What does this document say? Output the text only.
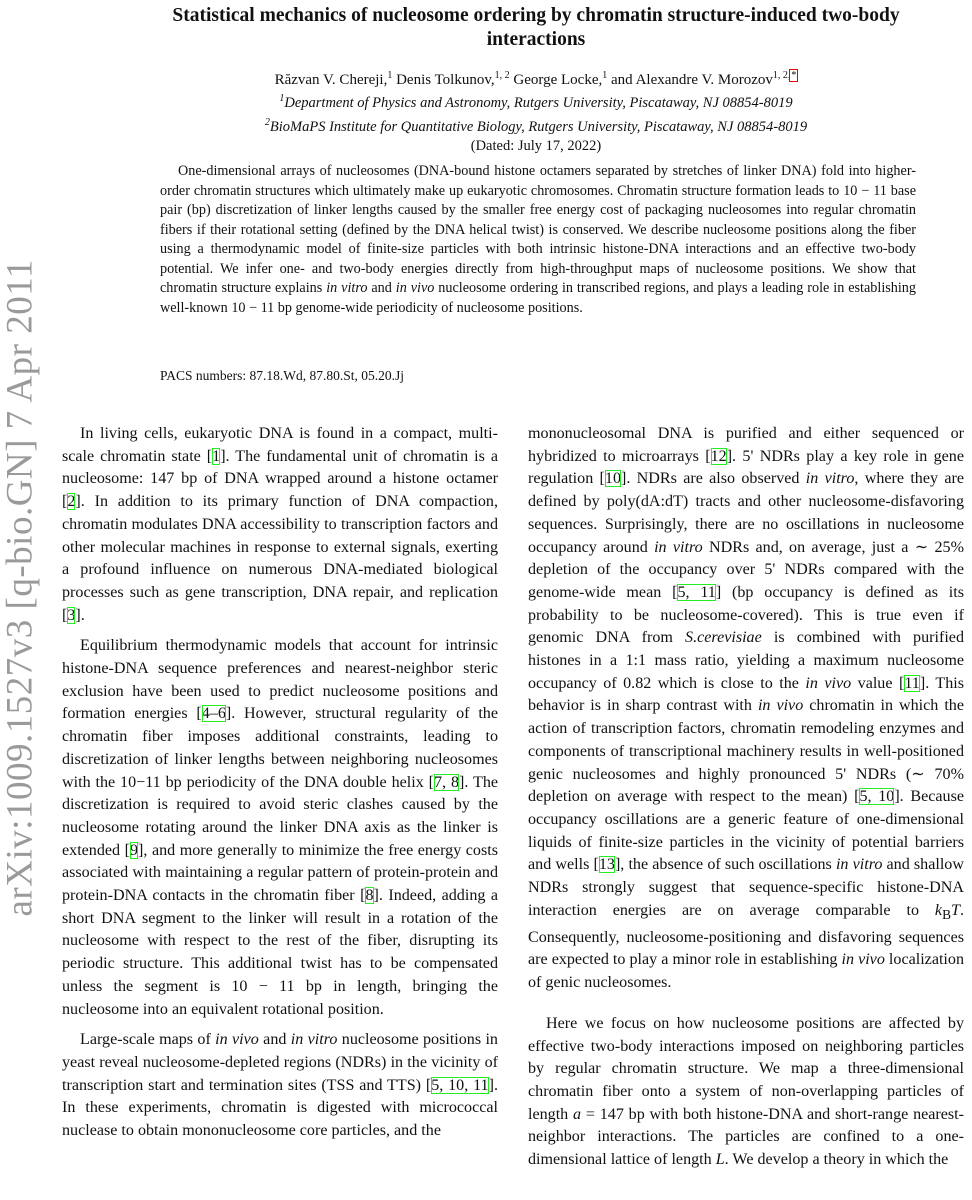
arXiv:1009.1527v3 [q-bio.GN] 7 Apr 2011
Statistical mechanics of nucleosome ordering by chromatin structure-induced two-body interactions
Răzvan V. Chereji,$^1$ Denis Tolkunov,$^{1, 2}$ George Locke,$^1$ and Alexandre V. Morozov$^{1, 2,*}$
$^1$Department of Physics and Astronomy, Rutgers University, Piscataway, NJ 08854-8019
$^2$BioMaPS Institute for Quantitative Biology, Rutgers University, Piscataway, NJ 08854-8019
(Dated: July 17, 2022)
One-dimensional arrays of nucleosomes (DNA-bound histone octamers separated by stretches of linker DNA) fold into higher-order chromatin structures which ultimately make up eukaryotic chromosomes. Chromatin structure formation leads to 10 − 11 base pair (bp) discretization of linker lengths caused by the smaller free energy cost of packaging nucleosomes into regular chromatin fibers if their rotational setting (defined by the DNA helical twist) is conserved. We describe nucleosome positions along the fiber using a thermodynamic model of finite-size particles with both intrinsic histone-DNA interactions and an effective two-body potential. We infer one- and two-body energies directly from high-throughput maps of nucleosome positions. We show that chromatin structure explains in vitro and in vivo nucleosome ordering in transcribed regions, and plays a leading role in establishing well-known 10 − 11 bp genome-wide periodicity of nucleosome positions.
PACS numbers: 87.18.Wd, 87.80.St, 05.20.Jj

In living cells, eukaryotic DNA is found in a compact, multi-scale chromatin state [1]. The fundamental unit of chromatin is a nucleosome: 147 bp of DNA wrapped around a histone octamer [2]. In addition to its primary function of DNA compaction, chromatin modulates DNA accessibility to transcription factors and other molecular machines in response to external signals, exerting a profound influence on numerous DNA-mediated biological processes such as gene transcription, DNA repair, and replication [3].

Equilibrium thermodynamic models that account for intrinsic histone-DNA sequence preferences and nearest-neighbor steric exclusion have been used to predict nucleosome positions and formation energies [4–6]. However, structural regularity of the chromatin fiber imposes additional constraints, leading to discretization of linker lengths between neighboring nucleosomes with the 10−11 bp periodicity of the DNA double helix [7, 8]. The discretization is required to avoid steric clashes caused by the nucleosome rotating around the linker DNA axis as the linker is extended [9], and more generally to minimize the free energy costs associated with maintaining a regular pattern of protein-protein and protein-DNA contacts in the chromatin fiber [8]. Indeed, adding a short DNA segment to the linker will result in a rotation of the nucleosome with respect to the rest of the fiber, disrupting its periodic structure. This additional twist has to be compensated unless the segment is 10 − 11 bp in length, bringing the nucleosome into an equivalent rotational position.

Large-scale maps of in vivo and in vitro nucleosome positions in yeast reveal nucleosome-depleted regions (NDRs) in the vicinity of transcription start and termination sites (TSS and TTS) [5, 10, 11]. In these experiments, chromatin is digested with micrococcal nuclease to obtain mononucleosome core particles, and the

mononucleosomal DNA is purified and either sequenced or hybridized to microarrays [12]. 5' NDRs play a key role in gene regulation [10]. NDRs are also observed in vitro, where they are defined by poly(dA:dT) tracts and other nucleosome-disfavoring sequences. Surprisingly, there are no oscillations in nucleosome occupancy around in vitro NDRs and, on average, just a ∼ 25% depletion of the occupancy over 5' NDRs compared with the genome-wide mean [5, 11] (bp occupancy is defined as its probability to be nucleosome-covered). This is true even if genomic DNA from S.cerevisiae is combined with purified histones in a 1:1 mass ratio, yielding a maximum nucleosome occupancy of 0.82 which is close to the in vivo value [11]. This behavior is in sharp contrast with in vivo chromatin in which the action of transcription factors, chromatin remodeling enzymes and components of transcriptional machinery results in well-positioned genic nucleosomes and highly pronounced 5' NDRs (∼ 70% depletion on average with respect to the mean) [5, 10]. Because occupancy oscillations are a generic feature of one-dimensional liquids of finite-size particles in the vicinity of potential barriers and wells [13], the absence of such oscillations in vitro and shallow NDRs strongly suggest that sequence-specific histone-DNA interaction energies are on average comparable to $k_BT$. Consequently, nucleosome-positioning and disfavoring sequences are expected to play a minor role in establishing in vivo localization of genic nucleosomes.

Here we focus on how nucleosome positions are affected by effective two-body interactions imposed on neighboring particles by regular chromatin structure. We map a three-dimensional chromatin fiber onto a system of non-overlapping particles of length a = 147 bp with both histone-DNA and short-range nearest-neighbor interactions. The particles are confined to a one-dimensional lattice of length L. We develop a theory in which the
